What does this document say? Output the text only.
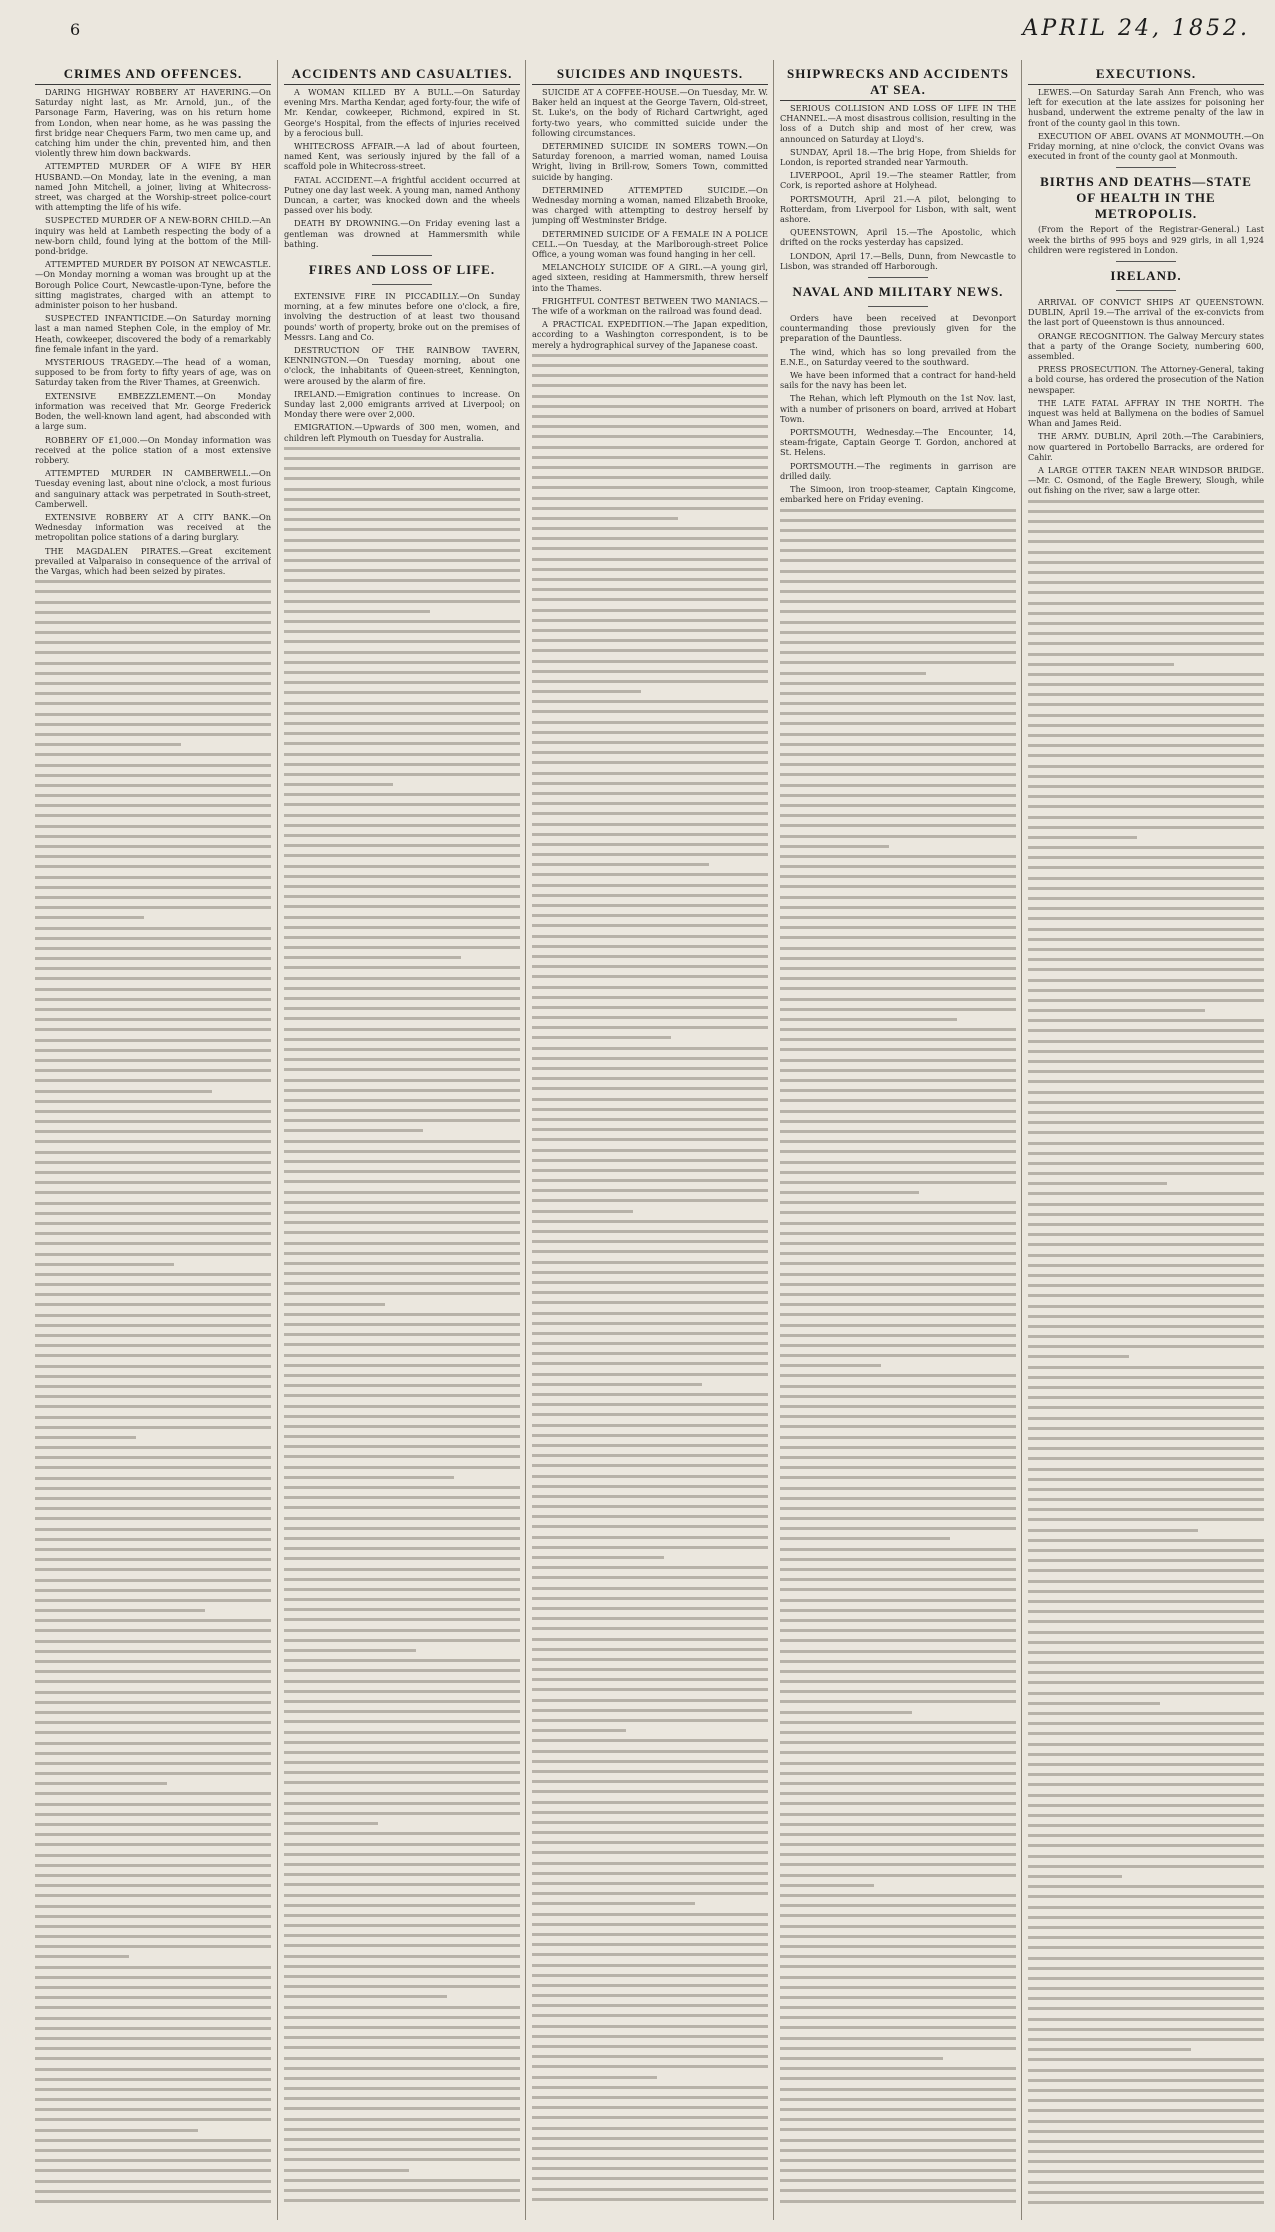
6	APRIL 24, 1852.
CRIMES AND OFFENCES.

DARING HIGHWAY ROBBERY AT HAVERING.—On Saturday night last, as Mr. Arnold, jun., of the Parsonage Farm, Havering, was on his return home from London, when near home, as he was passing the first bridge near Chequers Farm, two men came up, and catching him under the chin, prevented him, and then violently threw him down backwards.

ATTEMPTED MURDER OF A WIFE BY HER HUSBAND.—On Monday, late in the evening, a man named John Mitchell, a joiner, living at Whitecross-street, was charged at the Worship-street police-court with attempting the life of his wife.

SUSPECTED MURDER OF A NEW-BORN CHILD.—An inquiry was held at Lambeth respecting the body of a new-born child, found lying at the bottom of the Mill-pond-bridge.

ATTEMPTED MURDER BY POISON AT NEWCASTLE.—On Monday morning a woman was brought up at the Borough Police Court, Newcastle-upon-Tyne, before the sitting magistrates, charged with an attempt to administer poison to her husband.

SUSPECTED INFANTICIDE.—On Saturday morning last a man named Stephen Cole, in the employ of Mr. Heath, cowkeeper, discovered the body of a remarkably fine female infant in the yard.

MYSTERIOUS TRAGEDY.—The head of a woman, supposed to be from forty to fifty years of age, was on Saturday taken from the River Thames, at Greenwich.

EXTENSIVE EMBEZZLEMENT.—On Monday information was received that Mr. George Frederick Boden, the well-known land agent, had absconded with a large sum.

ROBBERY OF £1,000.—On Monday information was received at the police station of a most extensive robbery.

ATTEMPTED MURDER IN CAMBERWELL.—On Tuesday evening last, about nine o'clock, a most furious and sanguinary attack was perpetrated in South-street, Camberwell.

EXTENSIVE ROBBERY AT A CITY BANK.—On Wednesday information was received at the metropolitan police stations of a daring burglary.

THE MAGDALEN PIRATES.—Great excitement prevailed at Valparaiso in consequence of the arrival of the Vargas, which had been seized by pirates.

ACCIDENTS AND CASUALTIES.

A WOMAN KILLED BY A BULL.—On Saturday evening Mrs. Martha Kendar, aged forty-four, the wife of Mr. Kendar, cowkeeper, Richmond, expired in St. George's Hospital, from the effects of injuries received by a ferocious bull.

WHITECROSS AFFAIR.—A lad of about fourteen, named Kent, was seriously injured by the fall of a scaffold pole in Whitecross-street.

FATAL ACCIDENT.—A frightful accident occurred at Putney one day last week. A young man, named Anthony Duncan, a carter, was knocked down and the wheels passed over his body.

DEATH BY DROWNING.—On Friday evening last a gentleman was drowned at Hammersmith while bathing.

FIRES AND LOSS OF LIFE.

EXTENSIVE FIRE IN PICCADILLY.—On Sunday morning, at a few minutes before one o'clock, a fire, involving the destruction of at least two thousand pounds' worth of property, broke out on the premises of Messrs. Lang and Co.

DESTRUCTION OF THE RAINBOW TAVERN, KENNINGTON.—On Tuesday morning, about one o'clock, the inhabitants of Queen-street, Kennington, were aroused by the alarm of fire.

IRELAND.—Emigration continues to increase. On Sunday last 2,000 emigrants arrived at Liverpool; on Monday there were over 2,000.

EMIGRATION.—Upwards of 300 men, women, and children left Plymouth on Tuesday for Australia.

SUICIDES AND INQUESTS.

SUICIDE AT A COFFEE-HOUSE.—On Tuesday, Mr. W. Baker held an inquest at the George Tavern, Old-street, St. Luke's, on the body of Richard Cartwright, aged forty-two years, who committed suicide under the following circumstances.

DETERMINED SUICIDE IN SOMERS TOWN.—On Saturday forenoon, a married woman, named Louisa Wright, living in Brill-row, Somers Town, committed suicide by hanging.

DETERMINED ATTEMPTED SUICIDE.—On Wednesday morning a woman, named Elizabeth Brooke, was charged with attempting to destroy herself by jumping off Westminster Bridge.

DETERMINED SUICIDE OF A FEMALE IN A POLICE CELL.—On Tuesday, at the Marlborough-street Police Office, a young woman was found hanging in her cell.

MELANCHOLY SUICIDE OF A GIRL.—A young girl, aged sixteen, residing at Hammersmith, threw herself into the Thames.

FRIGHTFUL CONTEST BETWEEN TWO MANIACS.—The wife of a workman on the railroad was found dead.

A PRACTICAL EXPEDITION.—The Japan expedition, according to a Washington correspondent, is to be merely a hydrographical survey of the Japanese coast.

SHIPWRECKS AND ACCIDENTS AT SEA.

SERIOUS COLLISION AND LOSS OF LIFE IN THE CHANNEL.—A most disastrous collision, resulting in the loss of a Dutch ship and most of her crew, was announced on Saturday at Lloyd's.

SUNDAY, April 18.—The brig Hope, from Shields for London, is reported stranded near Yarmouth.

LIVERPOOL, April 19.—The steamer Rattler, from Cork, is reported ashore at Holyhead.

PORTSMOUTH, April 21.—A pilot, belonging to Rotterdam, from Liverpool for Lisbon, with salt, went ashore.

QUEENSTOWN, April 15.—The Apostolic, which drifted on the rocks yesterday has capsized.

LONDON, April 17.—Bells, Dunn, from Newcastle to Lisbon, was stranded off Harborough.

NAVAL AND MILITARY NEWS.

Orders have been received at Devonport countermanding those previously given for the preparation of the Dauntless.

The wind, which has so long prevailed from the E.N.E., on Saturday veered to the southward.

We have been informed that a contract for hand-held sails for the navy has been let.

The Rehan, which left Plymouth on the 1st Nov. last, with a number of prisoners on board, arrived at Hobart Town.

PORTSMOUTH, Wednesday.—The Encounter, 14, steam-frigate, Captain George T. Gordon, anchored at St. Helens.

PORTSMOUTH.—The regiments in garrison are drilled daily.

The Simoon, iron troop-steamer, Captain Kingcome, embarked here on Friday evening.

EXECUTIONS.

LEWES.—On Saturday Sarah Ann French, who was left for execution at the late assizes for poisoning her husband, underwent the extreme penalty of the law in front of the county gaol in this town.

EXECUTION OF ABEL OVANS AT MONMOUTH.—On Friday morning, at nine o'clock, the convict Ovans was executed in front of the county gaol at Monmouth.

BIRTHS AND DEATHS—STATE OF HEALTH IN THE METROPOLIS.

(From the Report of the Registrar-General.) Last week the births of 995 boys and 929 girls, in all 1,924 children were registered in London.

IRELAND.

ARRIVAL OF CONVICT SHIPS AT QUEENSTOWN. DUBLIN, April 19.—The arrival of the ex-convicts from the last port of Queenstown is thus announced.

ORANGE RECOGNITION. The Galway Mercury states that a party of the Orange Society, numbering 600, assembled.

PRESS PROSECUTION. The Attorney-General, taking a bold course, has ordered the prosecution of the Nation newspaper.

THE LATE FATAL AFFRAY IN THE NORTH. The inquest was held at Ballymena on the bodies of Samuel Whan and James Reid.

THE ARMY. DUBLIN, April 20th.—The Carabiniers, now quartered in Portobello Barracks, are ordered for Cahir.

A LARGE OTTER TAKEN NEAR WINDSOR BRIDGE.—Mr. C. Osmond, of the Eagle Brewery, Slough, while out fishing on the river, saw a large otter.
